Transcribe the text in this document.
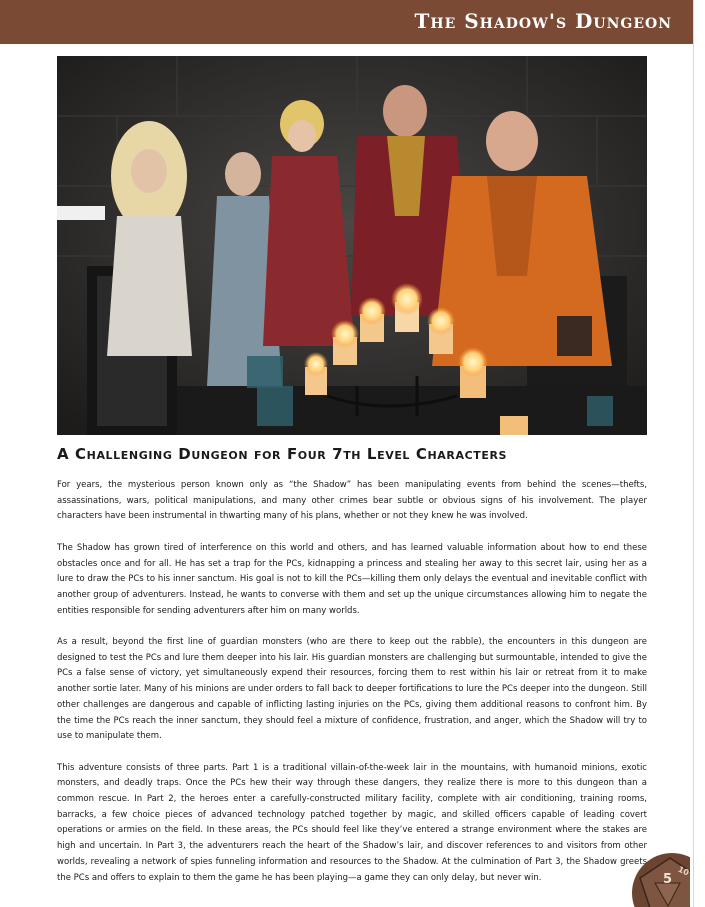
The Shadow's Dungeon
A Challenging Dungeon for Four 7th Level Characters

For years, the mysterious person known only as “the Shadow” has been manipulating events from behind the scenes—thefts, assassinations, wars, political manipulations, and many other crimes bear subtle or obvious signs of his involvement. The player characters have been instrumental in thwarting many of his plans, whether or not they knew he was involved.

The Shadow has grown tired of interference on this world and others, and has learned valuable information about how to end these obstacles once and for all. He has set a trap for the PCs, kidnapping a princess and stealing her away to this secret lair, using her as a lure to draw the PCs to his inner sanctum. His goal is not to kill the PCs—killing them only delays the eventual and inevitable conflict with another group of adventurers. Instead, he wants to converse with them and set up the unique circumstances allowing him to negate the entities responsible for sending adventurers after him on many worlds.

As a result, beyond the first line of guardian monsters (who are there to keep out the rabble), the encounters in this dungeon are designed to test the PCs and lure them deeper into his lair. His guardian monsters are challenging but surmountable, intended to give the PCs a false sense of victory, yet simultaneously expend their resources, forcing them to rest within his lair or retreat from it to make another sortie later. Many of his minions are under orders to fall back to deeper fortifications to lure the PCs deeper into the dungeon. Still other challenges are dangerous and capable of inflicting lasting injuries on the PCs, giving them additional reasons to confront him. By the time the PCs reach the inner sanctum, they should feel a mixture of confidence, frustration, and anger, which the Shadow will try to use to manipulate them.

This adventure consists of three parts. Part 1 is a traditional villain-of-the-week lair in the mountains, with humanoid minions, exotic monsters, and deadly traps. Once the PCs hew their way through these dangers, they realize there is more to this dungeon than a common rescue. In Part 2, the heroes enter a carefully-constructed military facility, complete with air conditioning, training rooms, barracks, a few choice pieces of advanced technology patched together by magic, and skilled officers capable of leading covert operations or armies on the field. In these areas, the PCs should feel like they’ve entered a strange environment where the stakes are high and uncertain. In Part 3, the adventurers reach the heart of the Shadow’s lair, and discover references to and visitors from other worlds, revealing a network of spies funneling information and resources to the Shadow. At the culmination of Part 3, the Shadow greets the PCs and offers to explain to them the game he has been playing—a game they can only delay, but never win.	5
10
